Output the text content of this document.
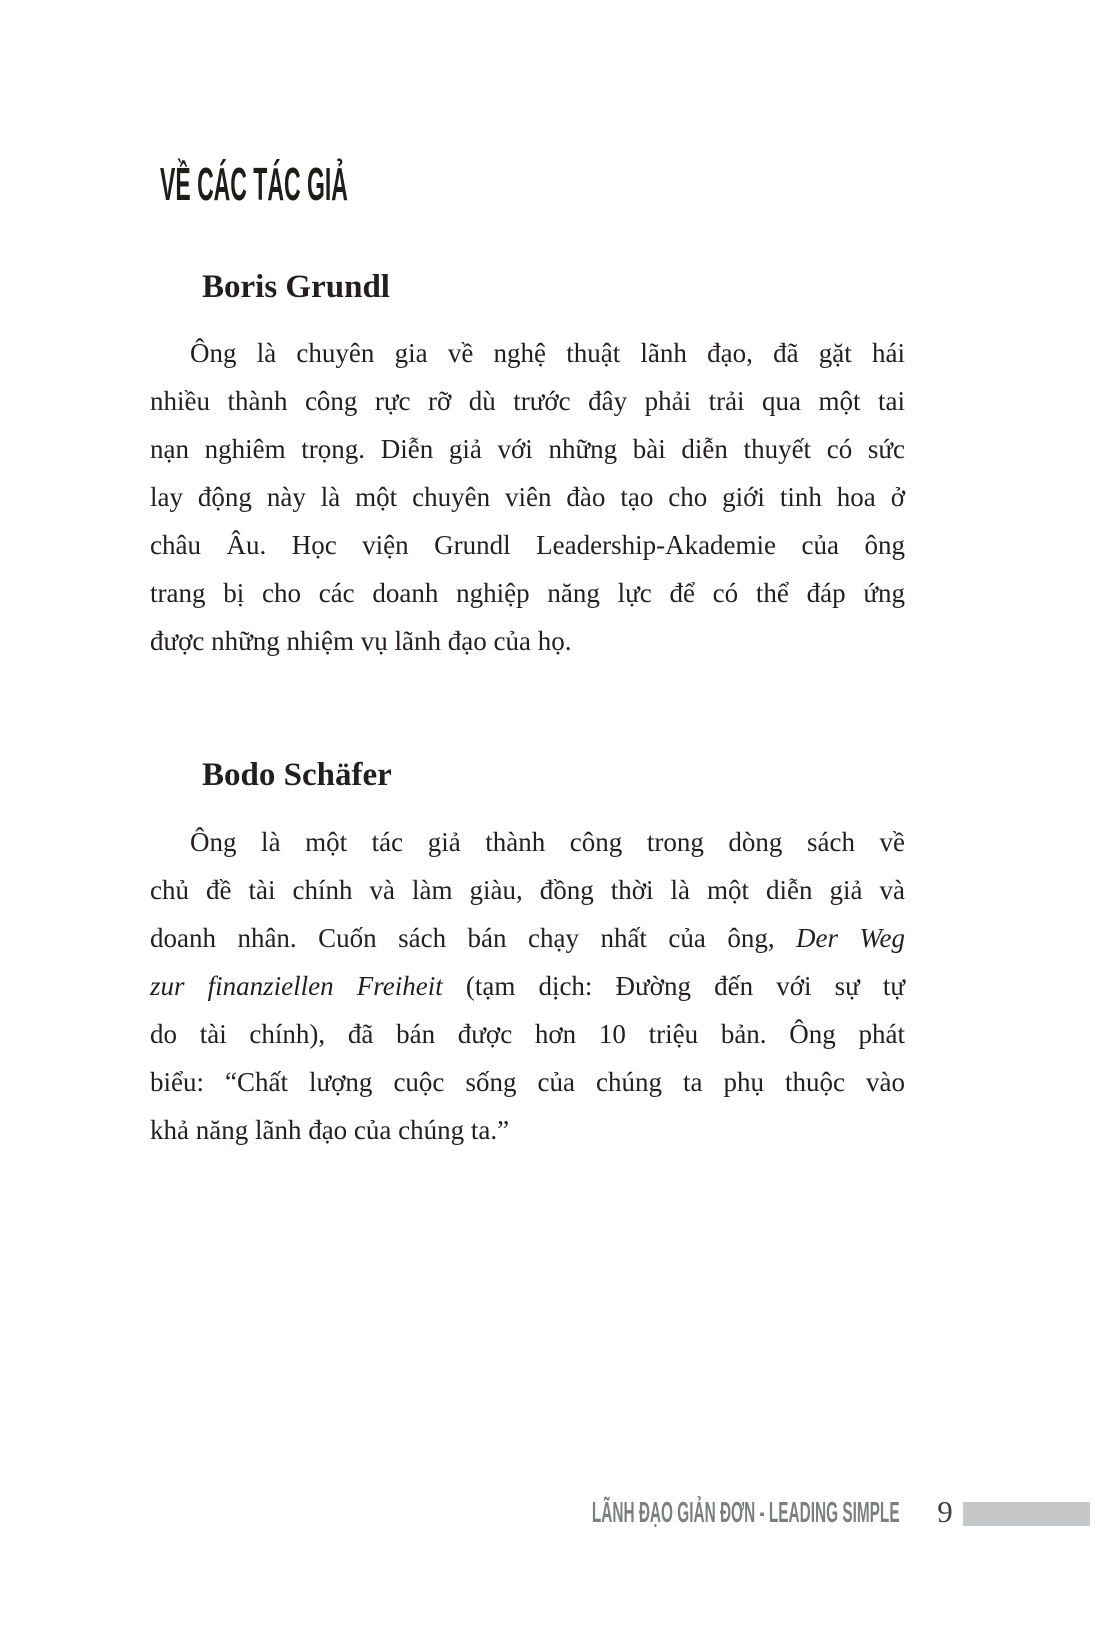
VỀ CÁC TÁC GIẢ
Boris Grundl
Ông là chuyên gia về nghệ thuật lãnh đạo, đã gặt hái
nhiều thành công rực rỡ dù trước đây phải trải qua một tai
nạn nghiêm trọng. Diễn giả với những bài diễn thuyết có sức
lay động này là một chuyên viên đào tạo cho giới tinh hoa ở
châu Âu. Học viện Grundl Leadership-Akademie của ông
trang bị cho các doanh nghiệp năng lực để có thể đáp ứng
được những nhiệm vụ lãnh đạo của họ.
Bodo Schäfer
Ông là một tác giả thành công trong dòng sách về
chủ đề tài chính và làm giàu, đồng thời là một diễn giả và
doanh nhân. Cuốn sách bán chạy nhất của ông, Der Weg
zur finanziellen Freiheit (tạm dịch: Đường đến với sự tự
do tài chính), đã bán được hơn 10 triệu bản. Ông phát
biểu: “Chất lượng cuộc sống của chúng ta phụ thuộc vào
khả năng lãnh đạo của chúng ta.”
LÃNH ĐẠO GIẢN ĐƠN - LEADING SIMPLE 9
